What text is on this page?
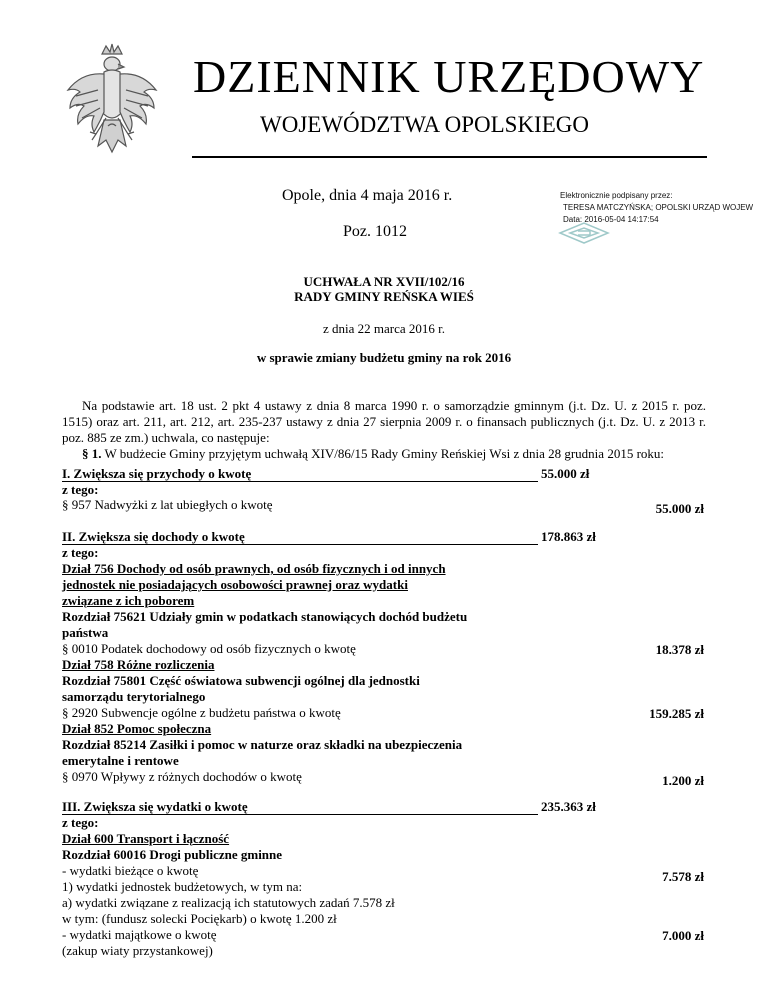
DZIENNIK URZĘDOWY
WOJEWÓDZTWA OPOLSKIEGO
Opole, dnia 4 maja 2016 r.
Poz. 1012
Elektronicznie podpisany przez:
TERESA MATCZYŃSKA; OPOLSKI URZĄD WOJEW
Data: 2016-05-04 14:17:54
UCHWAŁA NR XVII/102/16
RADY GMINY REŃSKA WIEŚ
z dnia 22 marca 2016 r.
w sprawie zmiany budżetu gminy na rok 2016

Na podstawie art. 18 ust. 2 pkt 4 ustawy z dnia 8 marca 1990 r. o samorządzie gminnym (j.t. Dz. U. z 2015 r. poz. 1515) oraz art. 211, art. 212, art. 235-237 ustawy z dnia 27 sierpnia 2009 r. o finansach publicznych (j.t. Dz. U. z 2013 r. poz. 885 ze zm.) uchwala, co następuje:

§ 1. W budżecie Gminy przyjętym uchwałą XIV/86/15 Rady Gminy Reńskiej Wsi z dnia 28 grudnia 2015 roku:
I. Zwiększa się przychody o kwotę	55.000 zł
z tego:
§ 957 Nadwyżki z lat ubiegłych o kwotę	55.000 zł
II. Zwiększa się dochody o kwotę	178.863 zł
z tego:
Dział 756 Dochody od osób prawnych, od osób fizycznych i od innych
jednostek nie posiadających osobowości prawnej oraz wydatki
związane z ich poborem
Rozdział 75621 Udziały gmin w podatkach stanowiących dochód budżetu
państwa
§ 0010 Podatek dochodowy od osób fizycznych o kwotę	18.378 zł
Dział 758 Różne rozliczenia
Rozdział 75801 Część oświatowa subwencji ogólnej dla jednostki
samorządu terytorialnego
§ 2920 Subwencje ogólne z budżetu państwa o kwotę	159.285 zł
Dział 852 Pomoc społeczna
Rozdział 85214 Zasiłki i pomoc w naturze oraz składki na ubezpieczenia
emerytalne i rentowe
§ 0970 Wpływy z różnych dochodów o kwotę	1.200 zł
III. Zwiększa się wydatki o kwotę	235.363 zł
z tego:
Dział 600 Transport i łączność
Rozdział 60016 Drogi publiczne gminne
- wydatki bieżące o kwotę	7.578 zł
1) wydatki jednostek budżetowych, w tym na:
a) wydatki związane z realizacją ich statutowych zadań 7.578 zł
w tym: (fundusz solecki Pociękarb) o kwotę 1.200 zł
- wydatki majątkowe o kwotę	7.000 zł
(zakup wiaty przystankowej)
